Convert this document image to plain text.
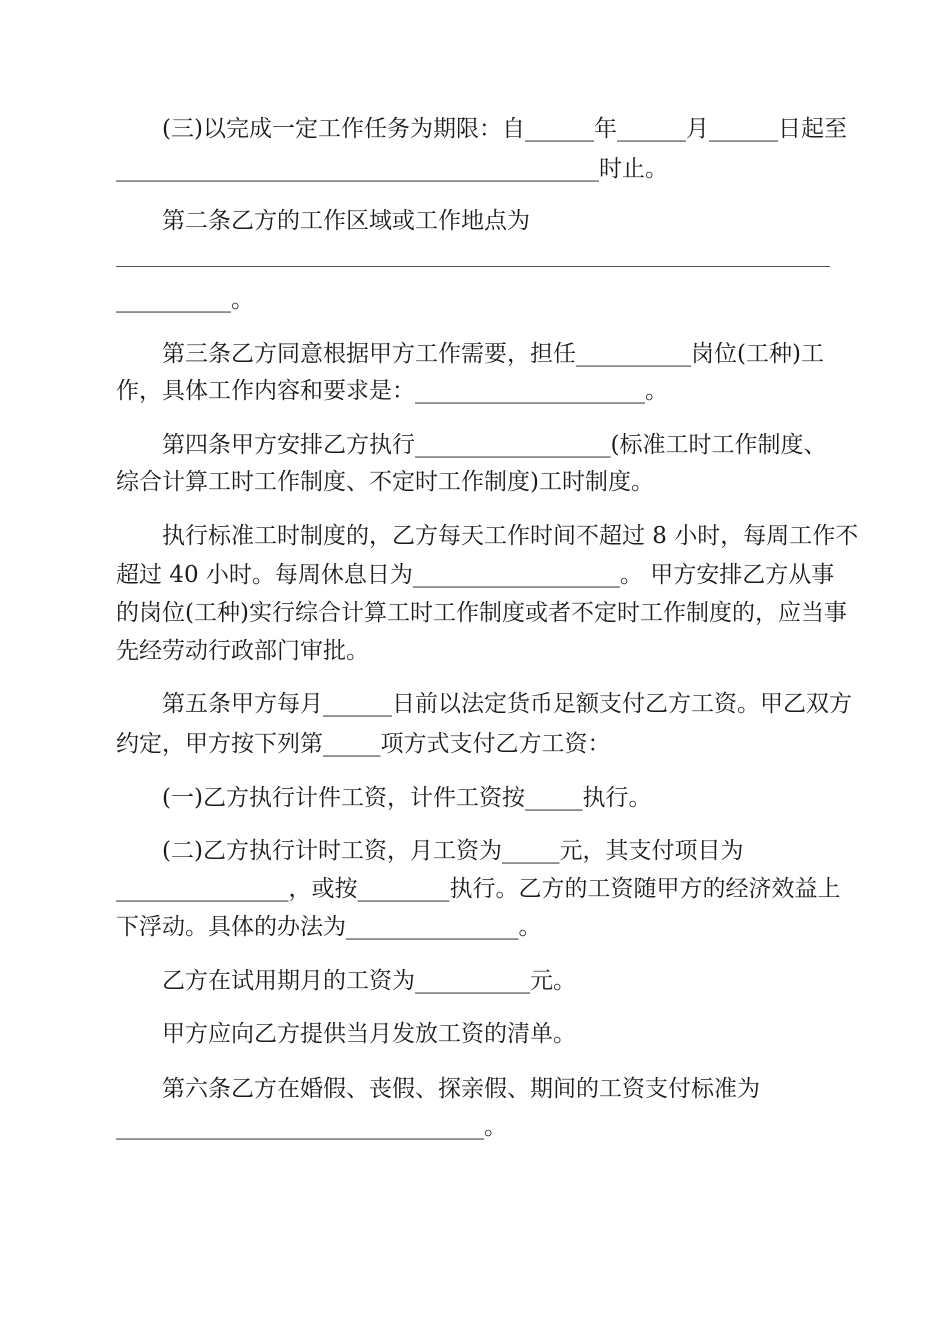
(三)以完成一定工作任务为期限：自______年______月______日起至
__________________________________________时止。
第二条乙方的工作区域或工作地点为
__________。
第三条乙方同意根据甲方工作需要，担任__________岗位(工种)工
作，具体工作内容和要求是：____________________。
第四条甲方安排乙方执行_________________(标准工时工作制度、
综合计算工时工作制度、不定时工作制度)工时制度。
执行标准工时制度的，乙方每天工作时间不超过 8 小时，每周工作不
超过 40 小时。每周休息日为__________________。 甲方安排乙方从事
的岗位(工种)实行综合计算工时工作制度或者不定时工作制度的，应当事
先经劳动行政部门审批。
第五条甲方每月______日前以法定货币足额支付乙方工资。甲乙双方
约定，甲方按下列第_____项方式支付乙方工资：
(一)乙方执行计件工资，计件工资按_____执行。
(二)乙方执行计时工资，月工资为_____元，其支付项目为
_______________，或按________执行。乙方的工资随甲方的经济效益上
下浮动。具体的办法为_______________。
乙方在试用期月的工资为__________元。
甲方应向乙方提供当月发放工资的清单。
第六条乙方在婚假、丧假、探亲假、期间的工资支付标准为
________________________________。
